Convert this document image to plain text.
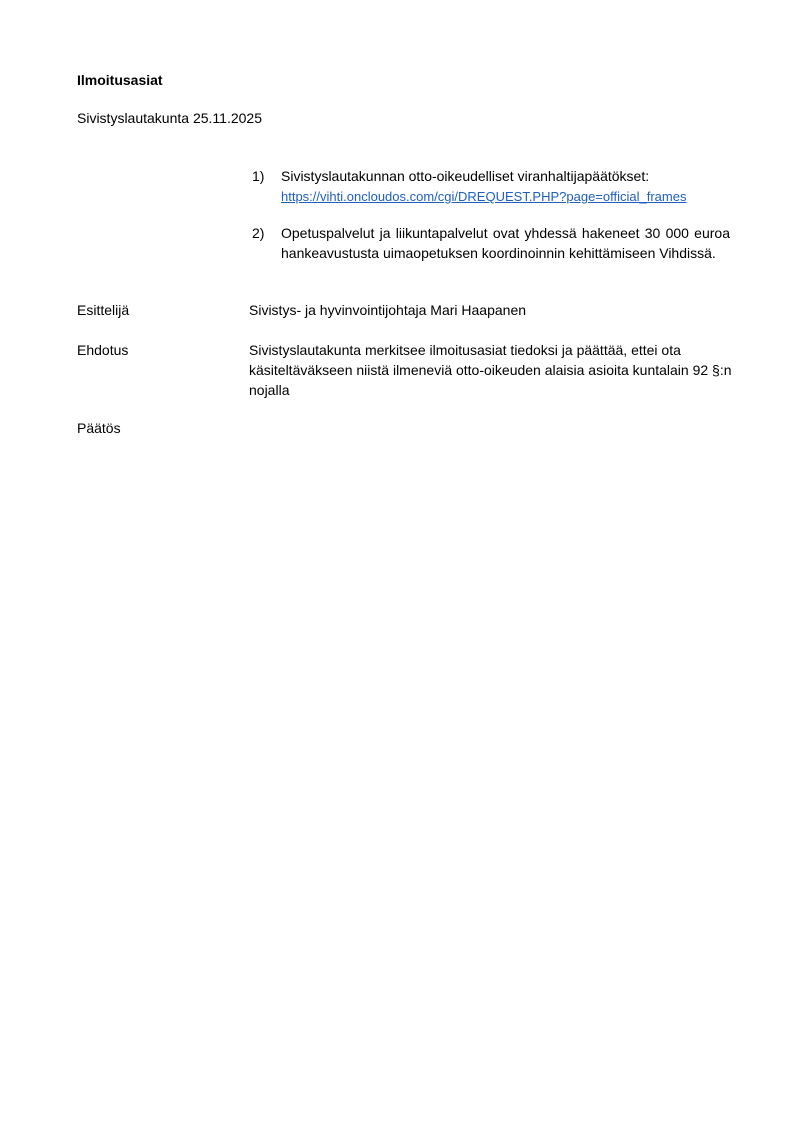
Ilmoitusasiat

Sivistyslautakunta 25.11.2025

1) Sivistyslautakunnan otto-oikeudelliset viranhaltijapäätökset:
https://vihti.oncloudos.com/cgi/DREQUEST.PHP?page=official_frames
2) Opetuspalvelut ja liikuntapalvelut ovat yhdessä hakeneet 30 000 euroa hankeavustusta uimaopetuksen koordinoinnin kehittämiseen Vihdissä.
Esittelijä	Sivistys- ja hyvinvointijohtaja Mari Haapanen
Ehdotus	Sivistyslautakunta merkitsee ilmoitusasiat tiedoksi ja päättää, ettei ota käsiteltäväkseen niistä ilmeneviä otto-oikeuden alaisia asioita kuntalain 92 §:n nojalla
Päätös
